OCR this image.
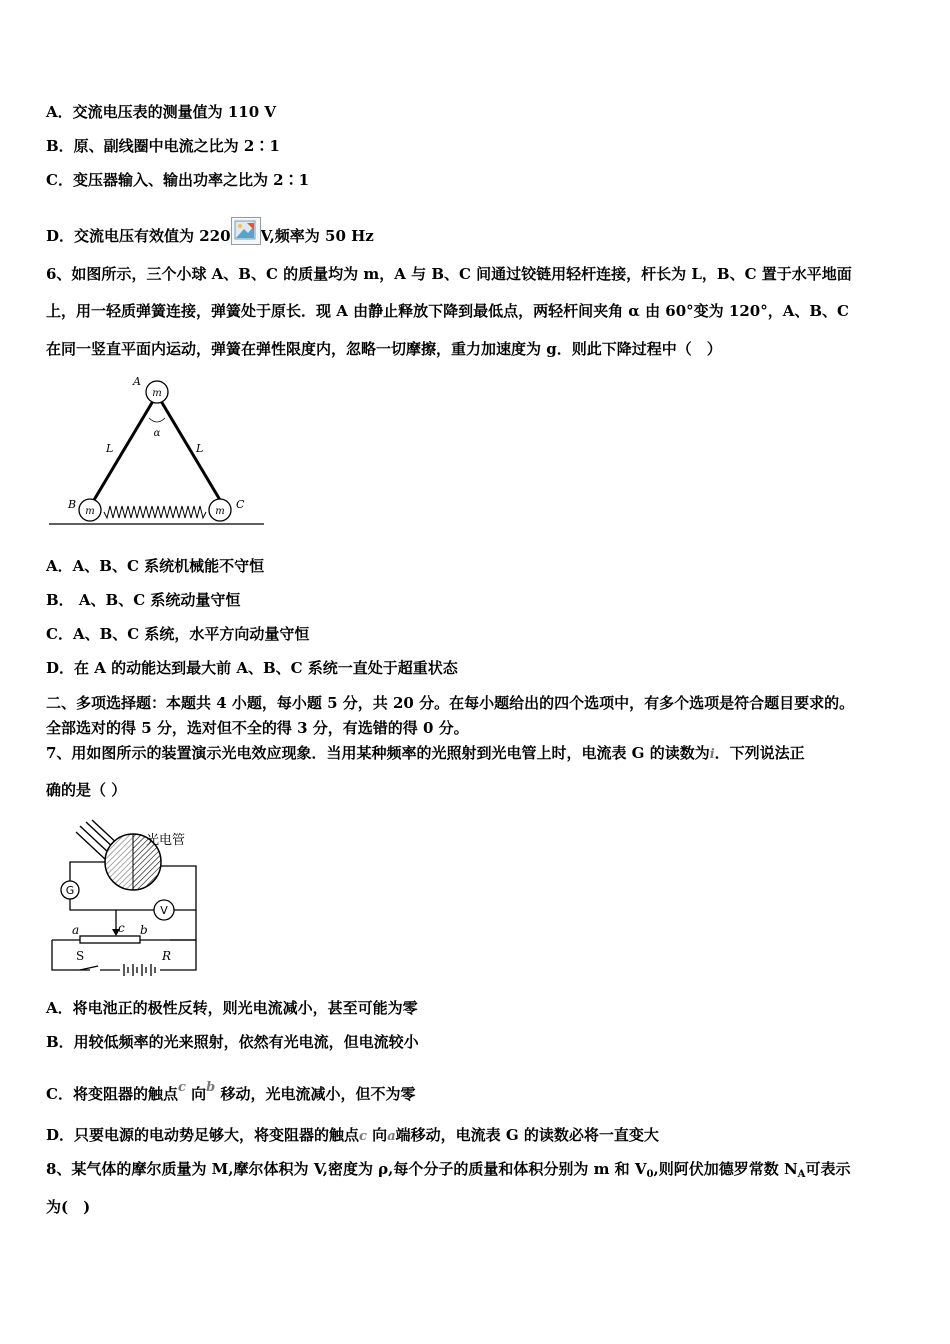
A．交流电压表的测量值为 110 V
B．原、副线圈中电流之比为 2∶1
C．变压器输入、输出功率之比为 2∶1
D．交流电压有效值为 220 V,频率为 50 Hz
6、如图所示，三个小球 A、B、C 的质量均为 m，A 与 B、C 间通过铰链用轻杆连接，杆长为 L，B、C 置于水平地面
上，用一轻质弹簧连接，弹簧处于原长．现 A 由静止释放下降到最低点，两轻杆间夹角 α 由 60°变为 120°，A、B、C
在同一竖直平面内运动，弹簧在弹性限度内，忽略一切摩擦，重力加速度为 g．则此下降过程中（　）
m
m	m
A
B	C
L	L
α
A．A、B、C 系统机械能不守恒
B． A、B、C 系统动量守恒
C．A、B、C 系统，水平方向动量守恒
D．在 A 的动能达到最大前 A、B、C 系统一直处于超重状态
二、多项选择题：本题共 4 小题，每小题 5 分，共 20 分。在每小题给出的四个选项中，有多个选项是符合题目要求的。
全部选对的得 5 分，选对但不全的得 3 分，有选错的得 0 分。
7、用如图所示的装置演示光电效应现象．当用某种频率的光照射到光电管上时，电流表 G 的读数为i．下列说法正
确的是（ ）
光电管
G
V
a	c b
S	R
A．将电池正的极性反转，则光电流减小，甚至可能为零
B．用较低频率的光来照射，依然有光电流，但电流较小
C．将变阻器的触点c 向b 移动，光电流减小，但不为零
D．只要电源的电动势足够大，将变阻器的触点c 向a端移动，电流表 G 的读数必将一直变大
8、某气体的摩尔质量为 M,摩尔体积为 V,密度为 ρ,每个分子的质量和体积分别为 m 和 $V_0$,则阿伏加德罗常数 $N_A$可表示
为(　)
